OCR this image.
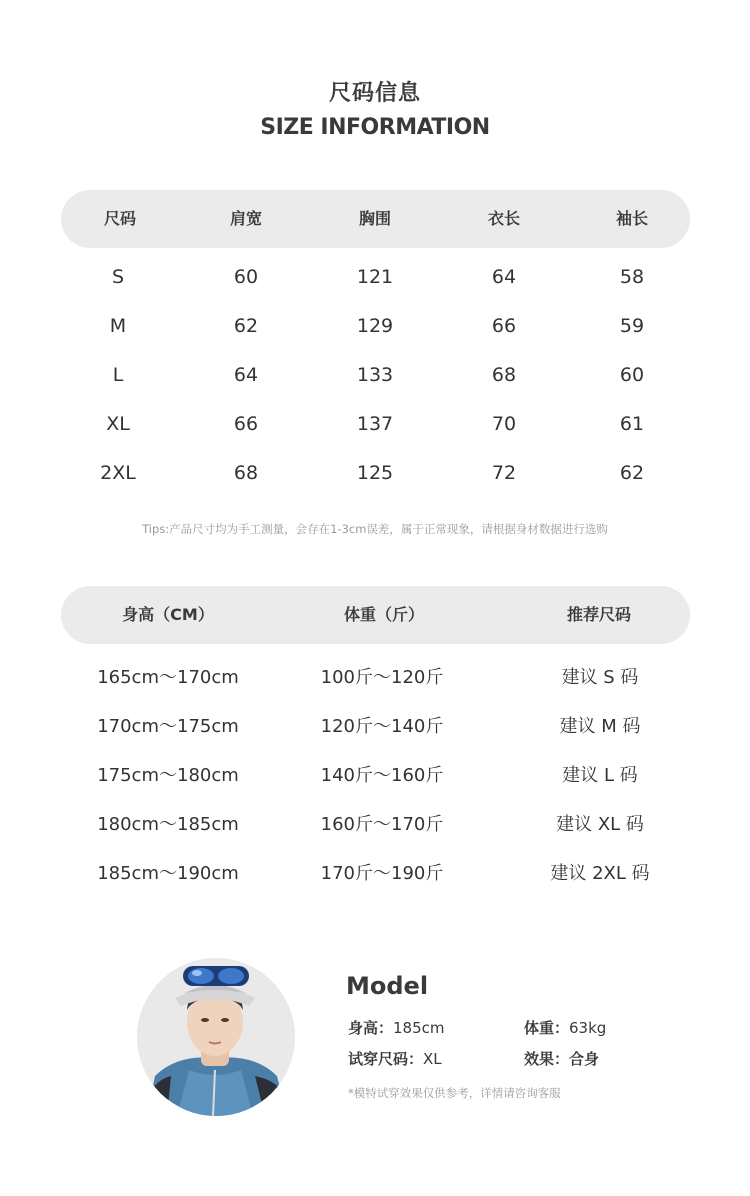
尺码信息
SIZE INFORMATION
尺码	肩宽	胸围	衣长	袖长
S	60	121	64	58
M	62	129	66	59
L	64	133	68	60
XL	66	137	70	61
2XL	68	125	72	62
Tips:产品尺寸均为手工测量，会存在1-3cm误差，属于正常现象，请根据身材数据进行选购
身高（CM）	体重（斤）	推荐尺码
165cm～170cm	100斤～120斤	建议 S 码
170cm～175cm	120斤～140斤	建议 M 码
175cm～180cm	140斤～160斤	建议 L 码
180cm～185cm	160斤～170斤	建议 XL 码
185cm～190cm	170斤～190斤	建议 2XL 码
Model
身高：185cm	体重：63kg
试穿尺码：XL	效果：合身
*模特试穿效果仅供参考，详情请咨询客服
